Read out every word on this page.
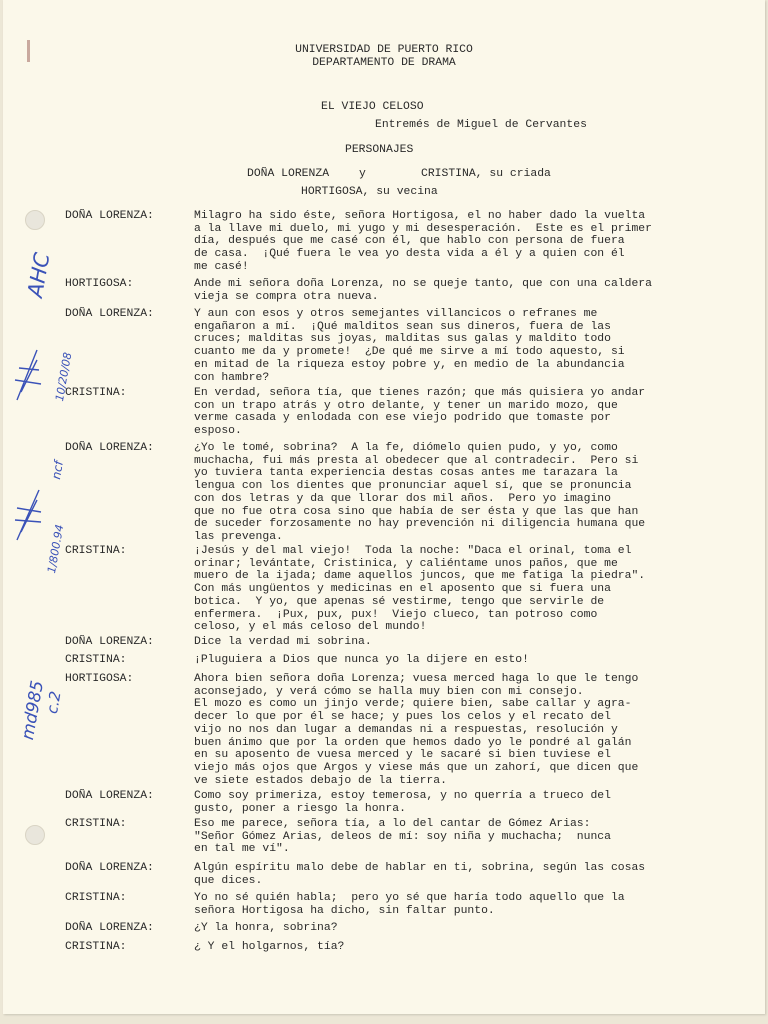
UNIVERSIDAD DE PUERTO RICO
DEPARTAMENTO DE DRAMA
EL VIEJO CELOSO
Entremés de Miguel de Cervantes
PERSONAJES
DOÑA LORENZA	y	CRISTINA, su criada
HORTIGOSA, su vecina
AHC
10/20/08
ncf
1/800.94
md985
c.2
DOÑA LORENZA:	Milagro ha sido éste, señora Hortigosa, el no haber dado la vuelta
a la llave mi duelo, mi yugo y mi desesperación.  Este es el primer
día, después que me casé con él, que hablo con persona de fuera
de casa.  ¡Qué fuera le vea yo desta vida a él y a quien con él
me casé!
HORTIGOSA:	Ande mi señora doña Lorenza, no se queje tanto, que con una caldera
vieja se compra otra nueva.
DOÑA LORENZA:	Y aun con esos y otros semejantes villancicos o refranes me
engañaron a mí.  ¡Qué malditos sean sus dineros, fuera de las
cruces; malditas sus joyas, malditas sus galas y maldito todo
cuanto me da y promete!  ¿De qué me sirve a mí todo aquesto, si
en mitad de la riqueza estoy pobre y, en medio de la abundancia
con hambre?
CRISTINA:	En verdad, señora tía, que tienes razón; que más quisiera yo andar
con un trapo atrás y otro delante, y tener un marido mozo, que
verme casada y enlodada con ese viejo podrido que tomaste por
esposo.
DOÑA LORENZA:	¿Yo le tomé, sobrina?  A la fe, diómelo quien pudo, y yo, como
muchacha, fui más presta al obedecer que al contradecir.  Pero si
yo tuviera tanta experiencia destas cosas antes me tarazara la
lengua con los dientes que pronunciar aquel sí, que se pronuncia
con dos letras y da que llorar dos mil años.  Pero yo imagino
que no fue otra cosa sino que había de ser ésta y que las que han
de suceder forzosamente no hay prevención ni diligencia humana que
las prevenga.
CRISTINA:	¡Jesús y del mal viejo!  Toda la noche: "Daca el orinal, toma el
orinar; levántate, Cristinica, y caliéntame unos paños, que me
muero de la ijada; dame aquellos juncos, que me fatiga la piedra".
Con más ungüentos y medicinas en el aposento que si fuera una
botica.  Y yo, que apenas sé vestirme, tengo que servirle de
enfermera.  ¡Pux, pux, pux!  Viejo clueco, tan potroso como
celoso, y el más celoso del mundo!
DOÑA LORENZA:	Dice la verdad mi sobrina.
CRISTINA:	¡Pluguiera a Dios que nunca yo la dijere en esto!
HORTIGOSA:	Ahora bien señora doña Lorenza; vuesa merced haga lo que le tengo
aconsejado, y verá cómo se halla muy bien con mi consejo.
El mozo es como un jinjo verde; quiere bien, sabe callar y agra-
decer lo que por él se hace; y pues los celos y el recato del
vijo no nos dan lugar a demandas ni a respuestas, resolución y
buen ánimo que por la orden que hemos dado yo le pondré al galán
en su aposento de vuesa merced y le sacaré si bien tuviese el
viejo más ojos que Argos y viese más que un zahorí, que dicen que
ve siete estados debajo de la tierra.
DOÑA LORENZA:	Como soy primeriza, estoy temerosa, y no querría a trueco del
gusto, poner a riesgo la honra.
CRISTINA:	Eso me parece, señora tía, a lo del cantar de Gómez Arias:
"Señor Gómez Arias, deleos de mí: soy niña y muchacha;  nunca
en tal me ví".
DOÑA LORENZA:	Algún espíritu malo debe de hablar en ti, sobrina, según las cosas
que dices.
CRISTINA:	Yo no sé quién habla;  pero yo sé que haría todo aquello que la
señora Hortigosa ha dicho, sin faltar punto.
DOÑA LORENZA:	¿Y la honra, sobrina?
CRISTINA:	¿ Y el holgarnos, tía?
